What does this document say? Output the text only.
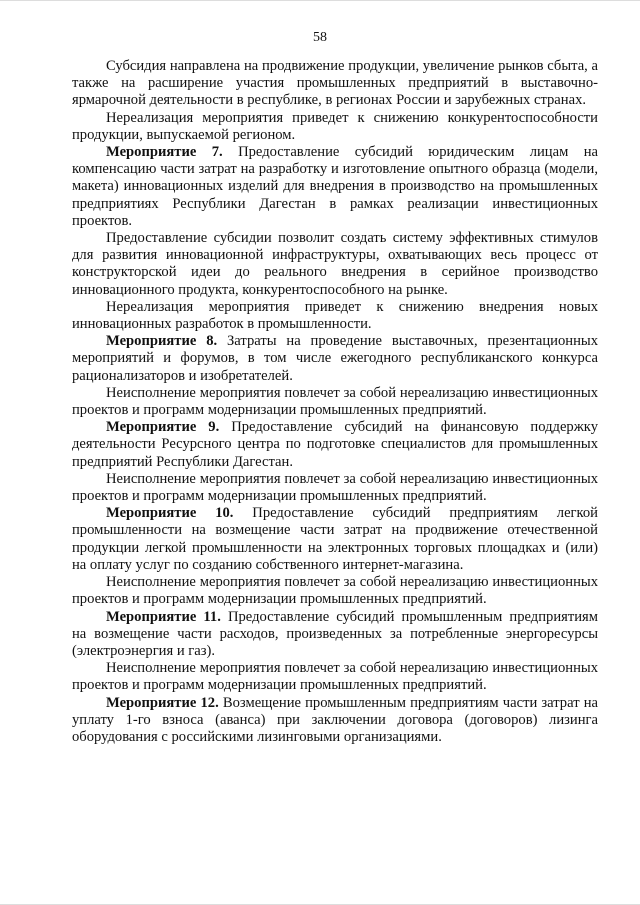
58

Субсидия направлена на продвижение продукции, увеличение рынков сбыта, а также на расширение участия промышленных предприятий в выставочно-ярмарочной деятельности в республике, в регионах России и зарубежных странах.

Нереализация мероприятия приведет к снижению конкурентоспособности продукции, выпускаемой регионом.

Мероприятие 7. Предоставление субсидий юридическим лицам на компенсацию части затрат на разработку и изготовление опытного образца (модели, макета) инновационных изделий для внедрения в производство на промышленных предприятиях Республики Дагестан в рамках реализации инвестиционных проектов.

Предоставление субсидии позволит создать систему эффективных стимулов для развития инновационной инфраструктуры, охватывающих весь процесс от конструкторской идеи до реального внедрения в серийное производство инновационного продукта, конкурентоспособного на рынке.

Нереализация мероприятия приведет к снижению внедрения новых инновационных разработок в промышленности.

Мероприятие 8. Затраты на проведение выставочных, презентационных мероприятий и форумов, в том числе ежегодного республиканского конкурса рационализаторов и изобретателей.

Неисполнение мероприятия повлечет за собой нереализацию инвестиционных проектов и программ модернизации промышленных предприятий.

Мероприятие 9. Предоставление субсидий на финансовую поддержку деятельности Ресурсного центра по подготовке специалистов для промышленных предприятий Республики Дагестан.

Неисполнение мероприятия повлечет за собой нереализацию инвестиционных проектов и программ модернизации промышленных предприятий.

Мероприятие 10. Предоставление субсидий предприятиям легкой промышленности на возмещение части затрат на продвижение отечественной продукции легкой промышленности на электронных торговых площадках и (или) на оплату услуг по созданию собственного интернет-магазина.

Неисполнение мероприятия повлечет за собой нереализацию инвестиционных проектов и программ модернизации промышленных предприятий.

Мероприятие 11. Предоставление субсидий промышленным предприятиям на возмещение части расходов, произведенных за потребленные энергоресурсы (электроэнергия и газ).

Неисполнение мероприятия повлечет за собой нереализацию инвестиционных проектов и программ модернизации промышленных предприятий.

Мероприятие 12. Возмещение промышленным предприятиям части затрат на уплату 1-го взноса (аванса) при заключении договора (договоров) лизинга оборудования с российскими лизинговыми организациями.
